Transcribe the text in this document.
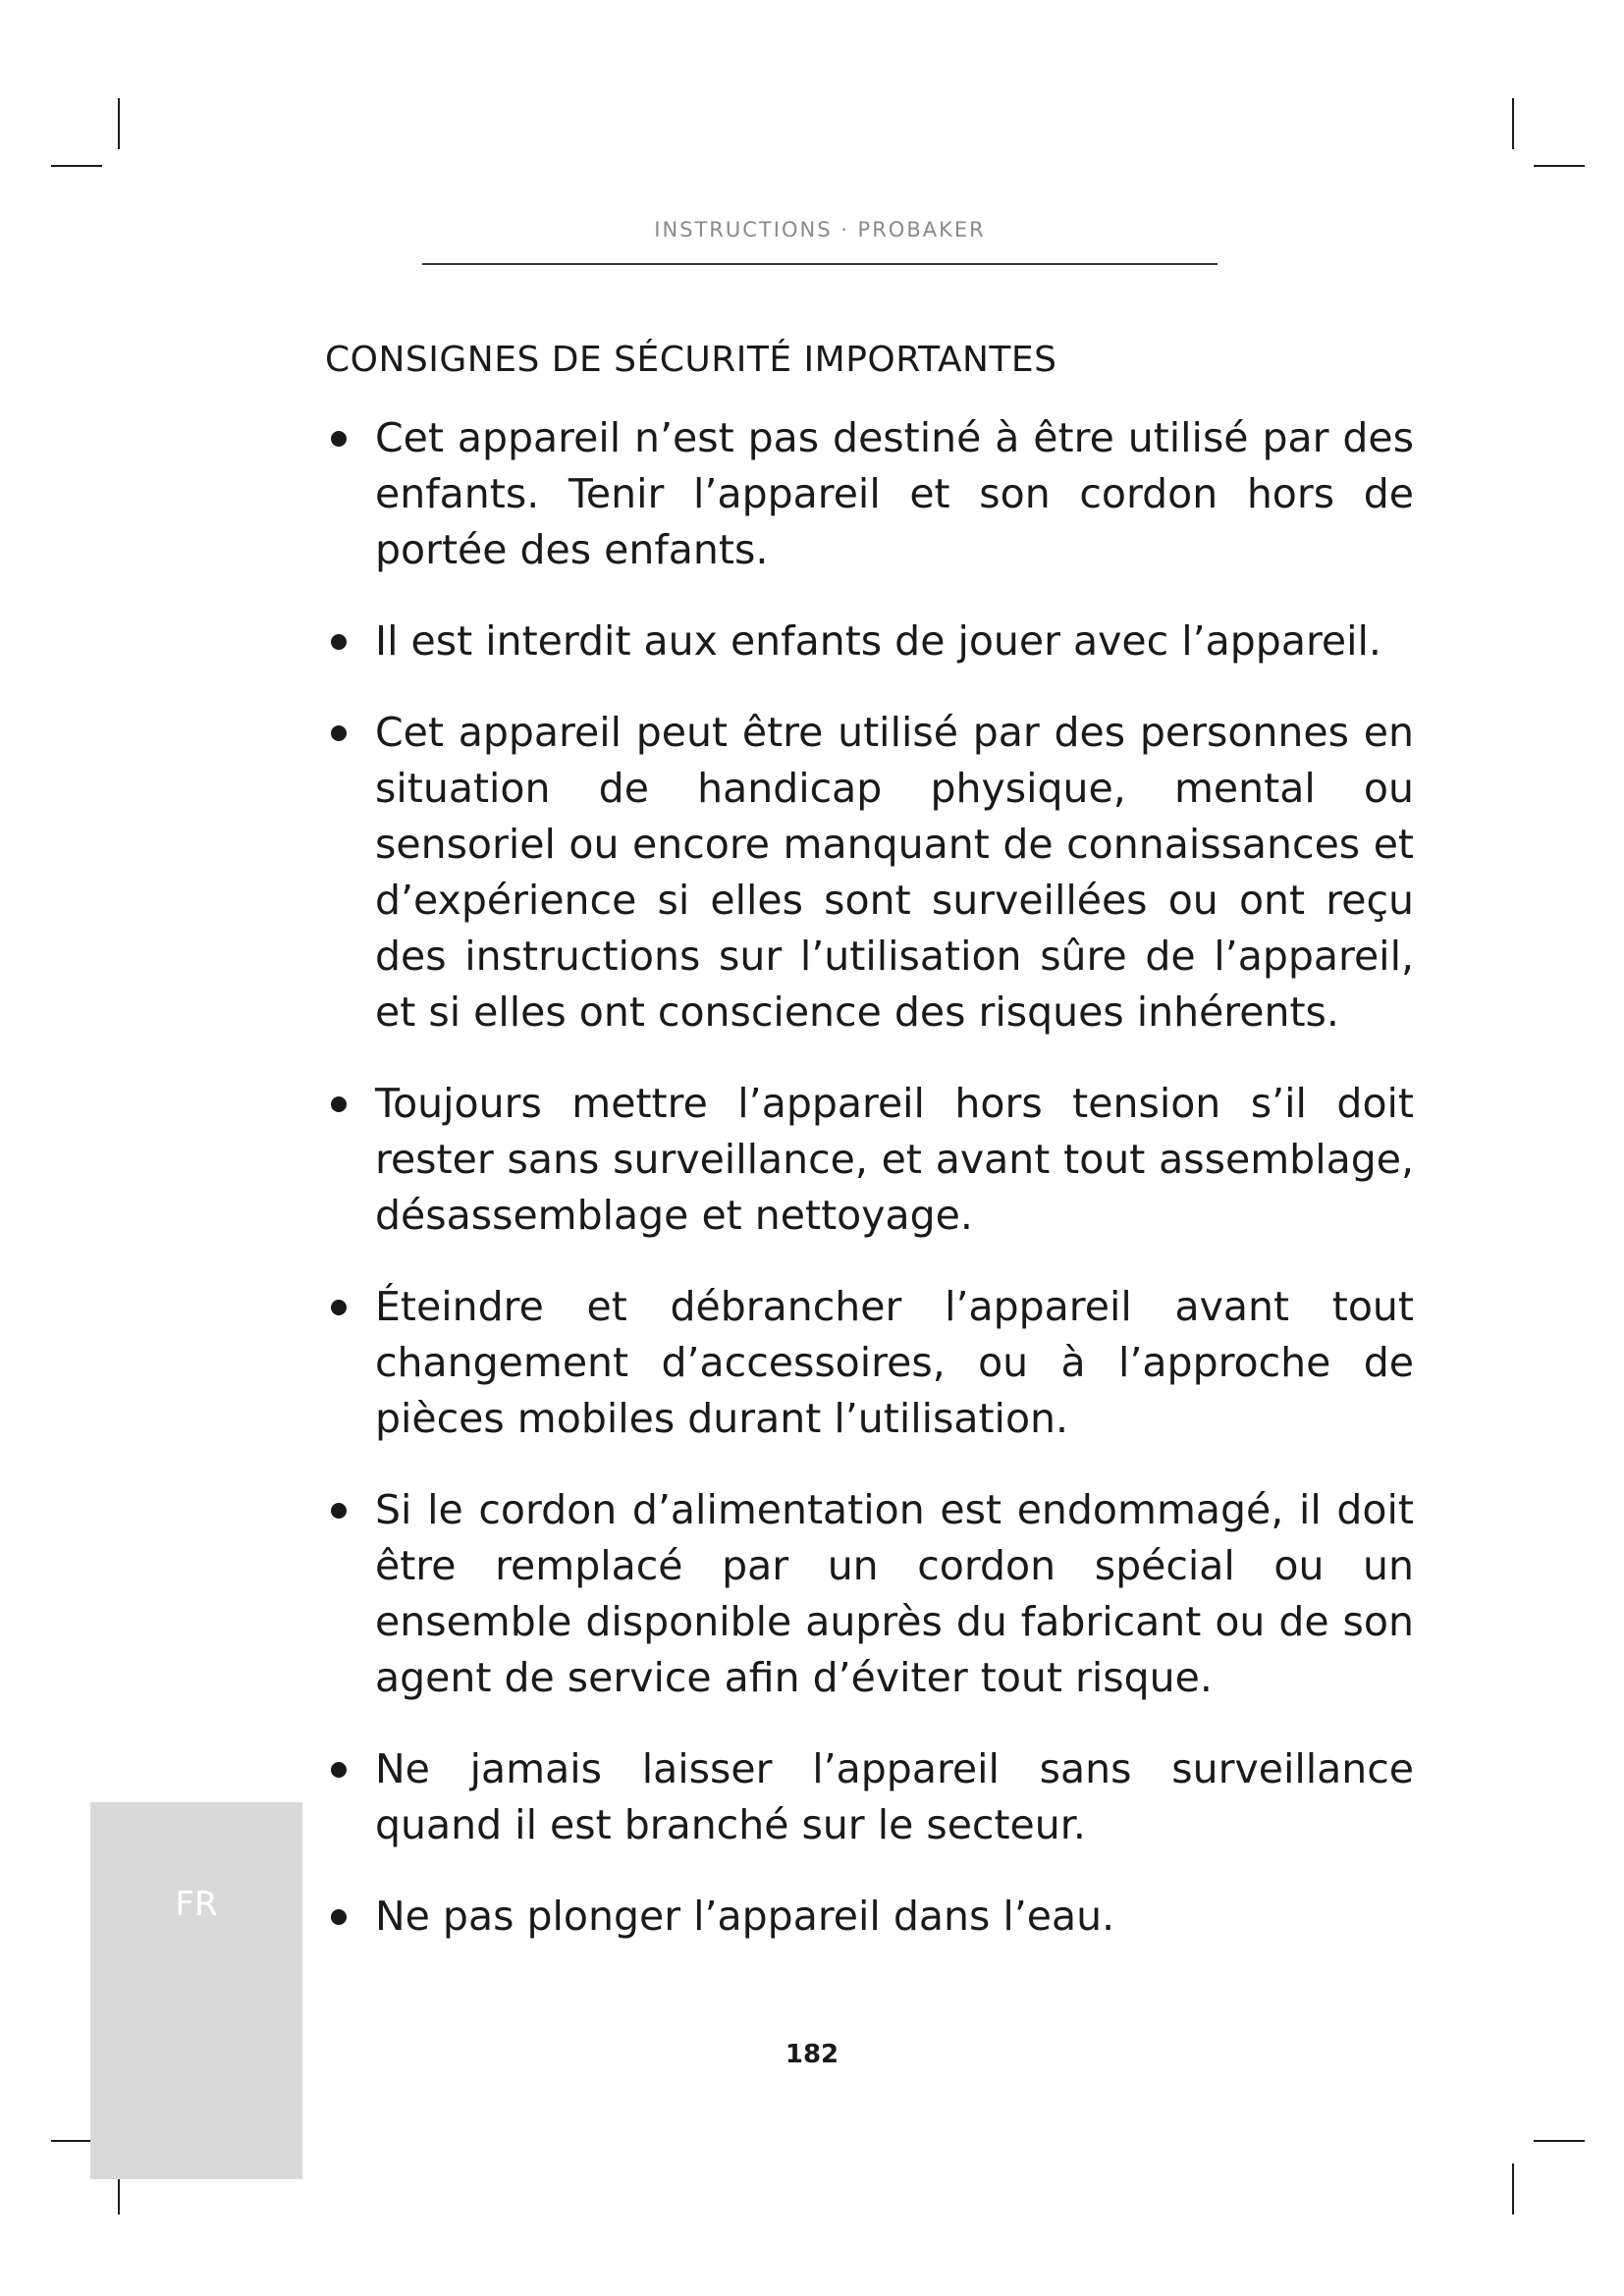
INSTRUCTIONS · PROBAKER
FR
CONSIGNES DE SÉCURITÉ IMPORTANTES
Cet appareil n’est pas destiné à être utilisé par des enfants. Tenir l’appareil et son cordon hors de portée des enfants.
Il est interdit aux enfants de jouer avec l’appareil.
Cet appareil peut être utilisé par des personnes en situation de handicap physique, mental ou sensoriel ou encore manquant de connaissances et d’expérience si elles sont surveillées ou ont reçu des instructions sur l’utilisation sûre de l’appareil, et si elles ont conscience des risques inhérents.
Toujours mettre l’appareil hors tension s’il doit rester sans surveillance, et avant tout assemblage, désassemblage et nettoyage.
Éteindre et débrancher l’appareil avant tout changement d’accessoires, ou à l’approche de pièces mobiles durant l’utilisation.
Si le cordon d’alimentation est endommagé, il doit être remplacé par un cordon spécial ou un ensemble disponible auprès du fabricant ou de son agent de service afin d’éviter tout risque.
Ne jamais laisser l’appareil sans surveillance quand il est branché sur le secteur.
Ne pas plonger l’appareil dans l’eau.
182
